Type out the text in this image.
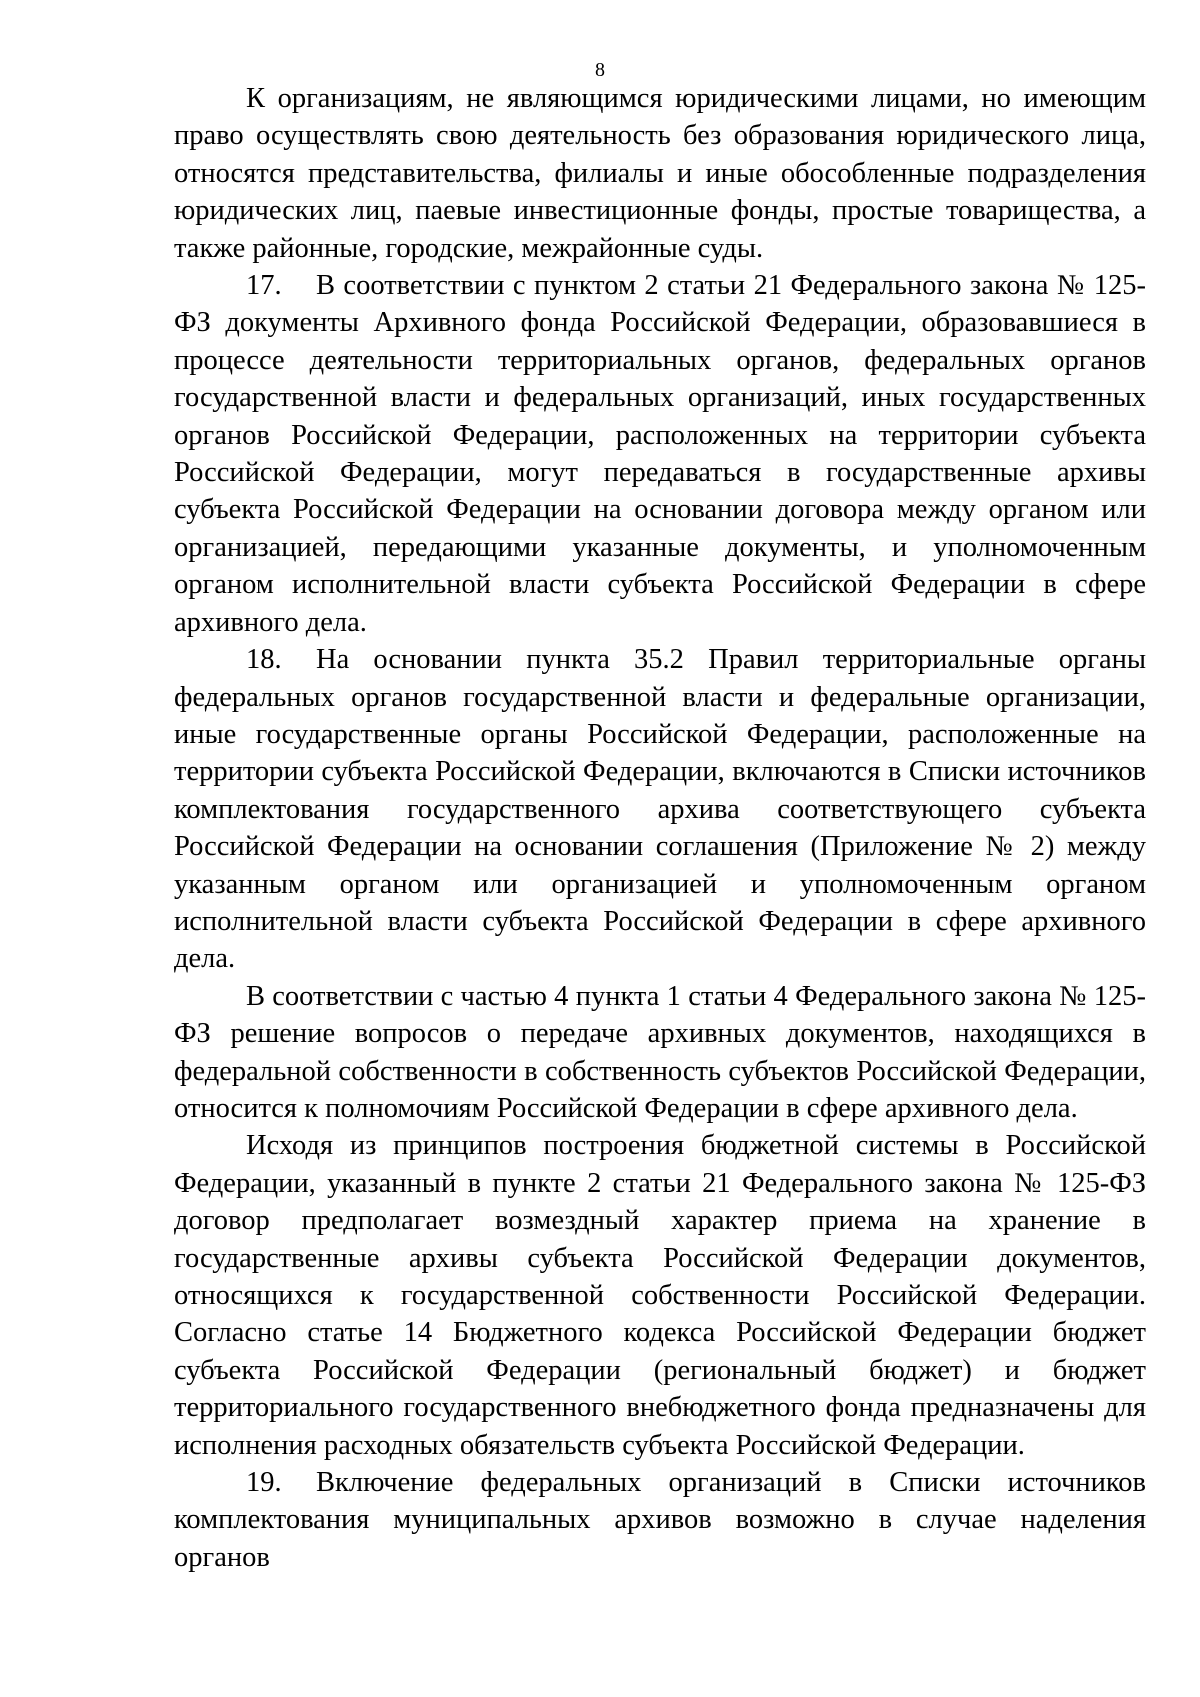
8

К организациям, не являющимся юридическими лицами, но имеющим право осуществлять свою деятельность без образования юридического лица, относятся представительства, филиалы и иные обособленные подразделения юридических лиц, паевые инвестиционные фонды, простые товарищества, а также районные, городские, межрайонные суды.

17. В соответствии с пунктом 2 статьи 21 Федерального закона № 125-ФЗ документы Архивного фонда Российской Федерации, образовавшиеся в процессе деятельности территориальных органов, федеральных органов государственной власти и федеральных организаций, иных государственных органов Российской Федерации, расположенных на территории субъекта Российской Федерации, могут передаваться в государственные архивы субъекта Российской Федерации на основании договора между органом или организацией, передающими указанные документы, и уполномоченным органом исполнительной власти субъекта Российской Федерации в сфере архивного дела.

18. На основании пункта 35.2 Правил территориальные органы федеральных органов государственной власти и федеральные организации, иные государственные органы Российской Федерации, расположенные на территории субъекта Российской Федерации, включаются в Списки источников комплектования государственного архива соответствующего субъекта Российской Федерации на основании соглашения (Приложение № 2) между указанным органом или организацией и уполномоченным органом исполнительной власти субъекта Российской Федерации в сфере архивного дела.

В соответствии с частью 4 пункта 1 статьи 4 Федерального закона № 125-ФЗ решение вопросов о передаче архивных документов, находящихся в федеральной собственности в собственность субъектов Российской Федерации, относится к полномочиям Российской Федерации в сфере архивного дела.

Исходя из принципов построения бюджетной системы в Российской Федерации, указанный в пункте 2 статьи 21 Федерального закона № 125-ФЗ договор предполагает возмездный характер приема на хранение в государственные архивы субъекта Российской Федерации документов, относящихся к государственной собственности Российской Федерации. Согласно статье 14 Бюджетного кодекса Российской Федерации бюджет субъекта Российской Федерации (региональный бюджет) и бюджет территориального государственного внебюджетного фонда предназначены для исполнения расходных обязательств субъекта Российской Федерации.

19. Включение федеральных организаций в Списки источников комплектования муниципальных архивов возможно в случае наделения органов
